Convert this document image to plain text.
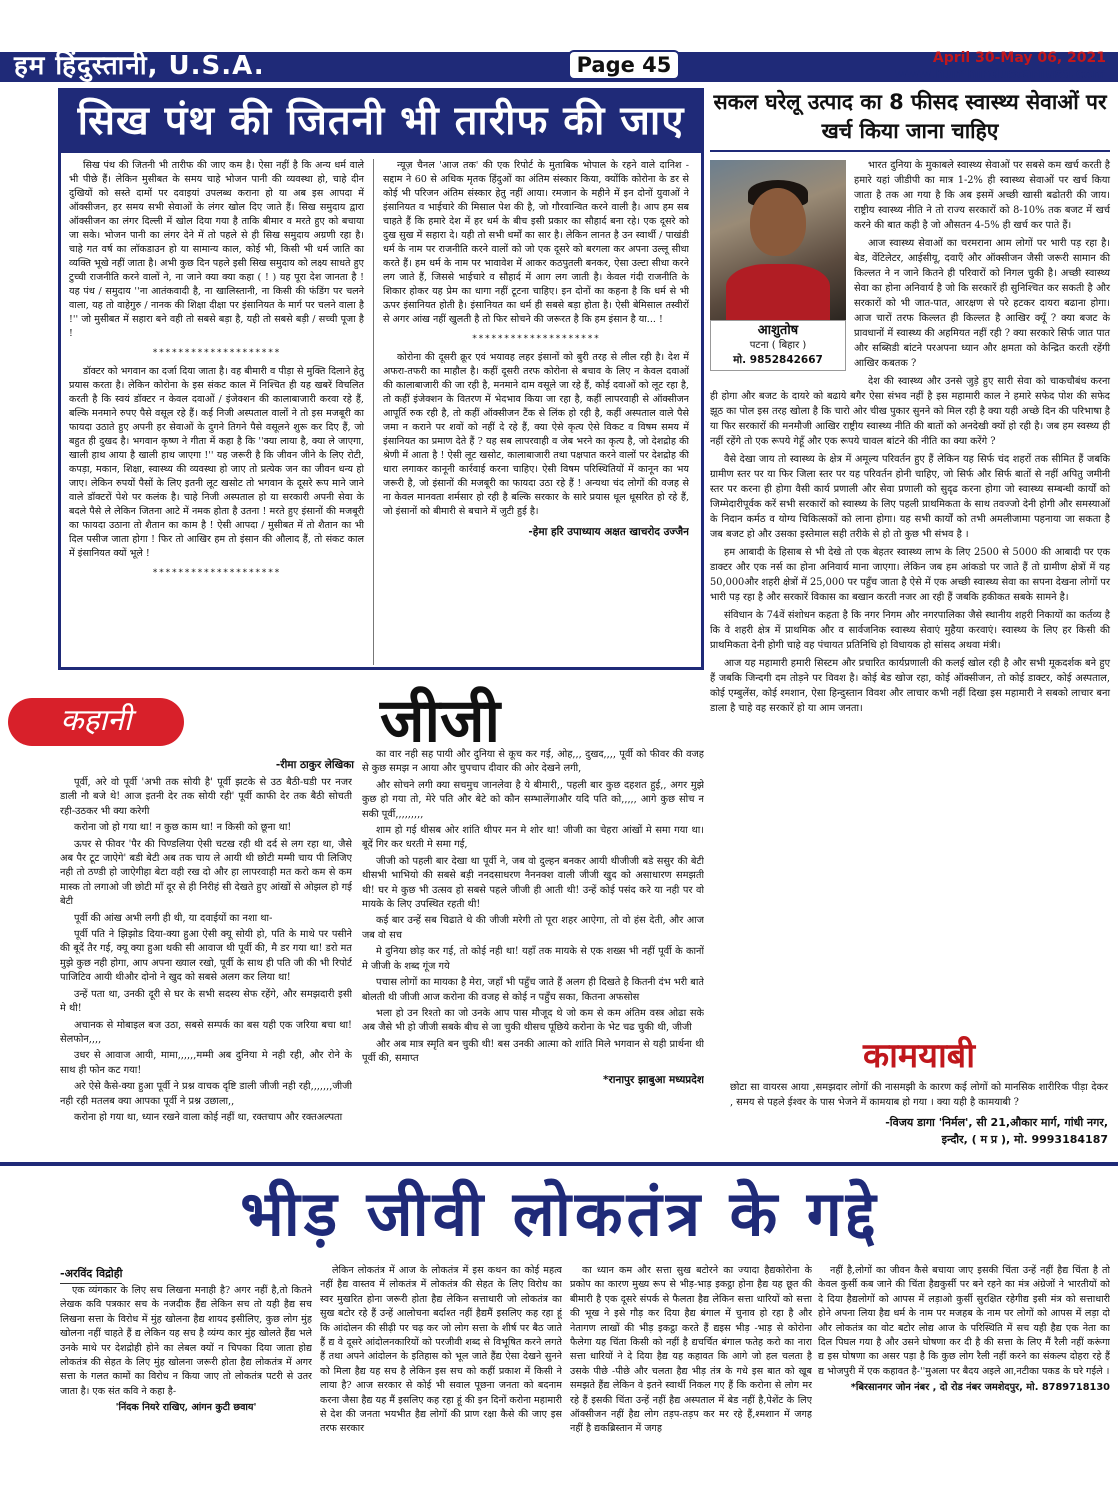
हम हिंदुस्तानी, U.S.A.	Page 45	April 30-May 06, 2021
www.humhindustaniusa.com
सिख पंथ की जितनी भी तारीफ की जाए कम है

सिख पंथ की जितनी भी तारीफ की जाए कम है। ऐसा नहीं है कि अन्य धर्म वाले भी पीछे हैं। लेकिन मुसीबत के समय चाहे भोजन पानी की व्यवस्था हो, चाहे दीन दुखियों को सस्ते दामों पर दवाइयां उपलब्ध कराना हो या अब इस आपदा में ऑक्सीजन, हर समय सभी सेवाओं के लंगर खोल दिए जाते हैं। सिख समुदाय द्वारा ऑक्सीजन का लंगर दिल्ली में खोल दिया गया है ताकि बीमार व मरते हुए को बचाया जा सके। भोजन पानी का लंगर देने में तो पहले से ही सिख समुदाय अग्रणी रहा है। चाहे गत वर्ष का लॉकडाउन हो या सामान्य काल, कोई भी, किसी भी धर्म जाति का व्यक्ति भूखे नहीं जाता है। अभी कुछ दिन पहले इसी सिख समुदाय को लक्ष्य साधते हुए टुच्ची राजनीति करने वालों ने, ना जाने क्या क्या कहा ( ! ) यह पूरा देश जानता है ! यह पंथ / समुदाय ''ना आतंकवादी है, ना खालिस्तानी, ना किसी की फंडिंग पर चलने वाला, यह तो वाहेगुरु / नानक की शिक्षा दीक्षा पर इंसानियत के मार्ग पर चलने वाला है !'' जो मुसीबत में सहारा बने वही तो सबसे बड़ा है, यही तो सबसे बड़ी / सच्ची पूजा है !

********************

डॉक्टर को भगवान का दर्जा दिया जाता है। वह बीमारी व पीड़ा से मुक्ति दिलाने हेतु प्रयास करता है। लेकिन कोरोना के इस संकट काल में निश्चित ही यह खबरें विचलित करती है कि स्वयं डॉक्टर न केवल दवाओं / इंजेक्शन की कालाबाजारी करवा रहे हैं, बल्कि मनमाने रुपए पैसे वसूल रहे हैं। कई निजी अस्पताल वालों ने तो इस मजबूरी का फायदा उठाते हुए अपनी हर सेवाओं के दुगने तिगने पैसे वसूलने शुरू कर दिए हैं, जो बहुत ही दुखद है। भगवान कृष्ण ने गीता में कहा है कि ''क्या लाया है, क्या ले जाएगा, खाली हाथ आया है खाली हाथ जाएगा !'' यह जरूरी है कि जीवन जीने के लिए रोटी, कपड़ा, मकान, शिक्षा, स्वास्थ्य की व्यवस्था हो जाए तो प्रत्येक जन का जीवन धन्य हो जाए। लेकिन रुपयों पैसों के लिए इतनी लूट खसोट तो भगवान के दूसरे रूप माने जाने वाले डॉक्टरों पेशे पर कलंक है। चाहे निजी अस्पताल हो या सरकारी अपनी सेवा के बदले पैसे ले लेकिन जितना आटे में नमक होता है उतना ! मरते हुए इंसानों की मजबूरी का फायदा उठाना तो शैतान का काम है ! ऐसी आपदा / मुसीबत में तो शैतान का भी दिल पसीज जाता होगा ! फिर तो आखिर हम तो इंसान की औलाद हैं, तो संकट काल में इंसानियत क्यों भूले !

********************

न्यूज़ चैनल 'आज तक' की एक रिपोर्ट के मुताबिक भोपाल के रहने वाले दानिश - सद्दाम ने 60 से अधिक मृतक हिंदुओं का अंतिम संस्कार किया, क्योंकि कोरोना के डर से कोई भी परिजन अंतिम संस्कार हेतु नहीं आया। रमजान के महीने में इन दोनों युवाओं ने इंसानियत व भाईचारे की मिसाल पेश की है, जो गौरवान्वित करने वाली है। आप हम सब चाहते हैं कि हमारे देश में हर धर्म के बीच इसी प्रकार का सौहार्द बना रहे। एक दूसरे को दुख सुख में सहारा दे। यही तो सभी धर्मों का सार है। लेकिन लानत है उन स्वार्थी / पाखंडी धर्म के नाम पर राजनीति करने वालों को जो एक दूसरे को बरगला कर अपना उल्लू सीधा करते हैं। हम धर्म के नाम पर भावावेश में आकर कठपुतली बनकर, ऐसा उल्टा सीधा करने लग जाते हैं, जिससे भाईचारे व सौहार्द में आग लग जाती है। केवल गंदी राजनीति के शिकार होकर यह प्रेम का धागा नहीं टूटना चाहिए। इन दोनों का कहना है कि धर्म से भी ऊपर इंसानियत होती है। इंसानियत का धर्म ही सबसे बड़ा होता है। ऐसी बेमिसाल तस्वीरों से अगर आंख नहीं खुलती है तो फिर सोचने की जरूरत है कि हम इंसान है या... !

********************

कोरोना की दूसरी क्रूर एवं भयावह लहर इंसानों को बुरी तरह से लील रही है। देश में अफरा-तफरी का माहौल है। कहीं दूसरी तरफ कोरोना से बचाव के लिए न केवल दवाओं की कालाबाजारी की जा रही है, मनमाने दाम वसूले जा रहे हैं, कोई दवाओं को लूट रहा है, तो कहीं इंजेक्शन के वितरण में भेदभाव किया जा रहा है, कहीं लापरवाही से ऑक्सीजन आपूर्ति रुक रही है, तो कहीं ऑक्सीजन टैंक से लिंक हो रही है, कहीं अस्पताल वाले पैसे जमा न कराने पर शवों को नहीं दे रहे हैं, क्या ऐसे कृत्य ऐसे विकट व विषम समय में इंसानियत का प्रमाण देते हैं ? यह सब लापरवाही व जेब भरने का कृत्य है, जो देशद्रोह की श्रेणी में आता है ! ऐसी लूट खसोट, कालाबाजारी तथा पक्षपात करने वालों पर देशद्रोह की धारा लगाकर कानूनी कार्रवाई करना चाहिए। ऐसी विषम परिस्थितियों में कानून का भय जरूरी है, जो इंसानों की मजबूरी का फायदा उठा रहे हैं ! अन्यथा चंद लोगों की वजह से ना केवल मानवता शर्मसार हो रही है बल्कि सरकार के सारे प्रयास धूल धूसरित हो रहे हैं, जो इंसानों को बीमारी से बचाने में जुटी हुई है।

-हेमा हरि उपाध्याय अक्षत खाचरोद उज्जैन

सकल घरेलू उत्पाद का 8 फीसद स्वास्थ्य सेवाओं पर खर्च किया जाना चाहिए
आशुतोष
पटना ( बिहार )
मो. 9852842667

भारत दुनिया के मुकाबले स्वास्थ्य सेवाओं पर सबसे कम खर्च करती है हमारे यहां जीडीपी का मात्र 1-2% ही स्वास्थ्य सेवाओं पर खर्च किया जाता है तक आ गया है कि अब इसमें अच्छी खासी बढोतरी की जाय। राष्ट्रीय स्वास्थ्य नीति ने तो राज्य सरकारों को 8-10% तक बजट में खर्च करने की बात कही है जो औसतन 4-5% ही खर्च कर पाते हैं।

आज स्वास्थ्य सेवाओं का चरमराना आम लोगों पर भारी पड़ रहा है। बेड, वेंटिलेटर, आईसीयू, दवाएँ और ऑक्सीजन जैसी जरूरी सामान की किल्लत ने न जाने कितने ही परिवारों को निगल चुकी है। अच्छी स्वास्थ्य सेवा का होना अनिवार्य है जो कि सरकारें ही सुनिश्चित कर सकती है और सरकारों को भी जात-पात, आरक्षण से परे हटकर दायरा बढाना होगा। आज चारों तरफ किल्लत ही किल्लत है आखिर क्यूँ ? क्या बजट के प्रावधानों में स्वास्थ्य की अहमियत नहीं रही ? क्या सरकारे सिर्फ जात पात और सब्सिडी बांटने परअपना ध्यान और क्षमता को केन्द्रित करती रहेंगी आखिर कबतक ?

देश की स्वास्थ्य और उनसे जुड़े हुए सारी सेवा को चाकचौबंध करना ही होगा और बजट के दायरे को बढाये बगैर ऐसा संभव नहीं है इस महामारी काल ने हमारे सफेद पोश की सफेद झूठ का पोल इस तरह खोला है कि चारो ओर चीख पुकार सुनने को मिल रही है क्या यही अच्छे दिन की परिभाषा है या फिर सरकारों की मनमौजी आखिर राष्ट्रीय स्वास्थ्य नीति की बातों को अनदेखी क्यों हो रही है। जब हम स्वस्थ्य ही नहीं रहेंगे तो एक रूपये गेहूँ और एक रूपये चावल बांटने की नीति का क्या करेंगे ?

वैसे देखा जाय तो स्वास्थ्य के क्षेत्र में अमूल्य परिवर्तन हुए हैं लेकिन यह सिर्फ चंद शहरों तक सीमित हैं जबकि ग्रामीण स्तर पर या फिर जिला स्तर पर यह परिवर्तन होनी चाहिए, जो सिर्फ और सिर्फ बातों से नहीं अपितु जमीनी स्तर पर करना ही होगा वैसी कार्य प्रणाली और सेवा प्रणाली को सुदृढ करना होगा जो स्वास्थ्य सम्बन्धी कार्यों को जिम्मेदारीपूर्वक करें सभी सरकारों को स्वास्थ्य के लिए पहली प्राथमिकता के साथ तवज्जो देनी होगी और समस्याओं के निदान कर्मठ व योग्य चिकित्सकों को लाना होगा। यह सभी कार्यों को तभी अमलीजामा पहनाया जा सकता है जब बजट हो और उसका इस्तेमाल सही तरीके से हो तो कुछ भी संभव है ।

हम आबादी के हिसाब से भी देखे तो एक बेहतर स्वास्थ्य लाभ के लिए 2500 से 5000 की आबादी पर एक डाक्टर और एक नर्स का होना अनिवार्य माना जाएगा। लेकिन जब हम आंकडो पर जाते हैं तो ग्रामीण क्षेत्रों में यह 50,000और शहरी क्षेत्रों में 25,000 पर पहुँच जाता है ऐसे में एक अच्छी स्वास्थ्य सेवा का सपना देखना लोगों पर भारी पड़ रहा है और सरकारें विकास का बखान करती नजर आ रही हैं जबकि हकीकत सबके सामने है।

संविधान के 74वें संशोधन कहता है कि नगर निगम और नगरपालिका जैसे स्थानीय शहरी निकायों का कर्तव्य है कि वे शहरी क्षेत्र में प्राथमिक और व सार्वजनिक स्वास्थ्य सेवाएं मुहैया करवाएं। स्वास्थ्य के लिए हर किसी की प्राथमिकता देनी होगी चाहे वह पंचायत प्रतिनिधि हो विधायक हो सांसद अथवा मंत्री।

आज यह महामारी हमारी सिस्टम और प्रचारित कार्यप्रणाली की कलई खोल रही है और सभी मूकदर्शक बने हुए हैं जबकि जिन्दगी दम तोड़ने पर विवश है। कोई बेड खोज रहा, कोई ऑक्सीजन, तो कोई डाक्टर, कोई अस्पताल, कोई एम्बुलेंस, कोई श्मशान, ऐसा हिन्दुस्तान विवश और लाचार कभी नहीं दिखा इस महामारी ने सबको लाचार बना डाला है चाहे वह सरकारें हो या आम जनता।

कामयाबी
छोटा सा वायरस आया ,समझदार लोगों की नासमझी के कारण कई लोगों को मानसिक शारीरिक पीड़ा देकर , समय से पहले ईश्वर के पास भेजने में कामयाब हो गया । क्या यही है कामयाबी ?
-विजय डागा 'निर्मल', सी 21,औकार मार्ग, गांधी नगर,
इन्दौर, ( म प्र ), मो. 9993184187
कहानी	जीजी
-रीमा ठाकुर लेखिका

पूर्वी, अरे वो पूर्वी 'अभी तक सोयी है' पूर्वी झटके से उठ बैठी-घडी पर नजर डाली नौ बजे थे! आज इतनी देर तक सोयी रही' पूर्वी काफी देर तक बैठी सोचती रही-उठकर भी क्या करेगी

करोना जो हो गया था! न कुछ काम था! न किसी को छूना था!

ऊपर से फीवर 'पैर की पिण्डलिया ऐसी चटख रही थी दर्द से लग रहा था, जैसे अब पैर टूट जाऐगे' बडी बेटी अब तक चाय ले आयी थी छोटी मम्मी चाय पी लिजिए नही तो ठण्डी हो जाऐगीहा बेटा वही रख दो और हा लापरवाही मत करो कम से कम मास्क तो लगाओ जी छोटी माँ दूर से ही निरीहं सी देखते हुए आंखों से ओझल हो गई बेटी

पूर्वी की आंख अभी लगी ही थी, या दवाईयों का नशा था-

पूर्वी पति ने झिझोड दिया-क्या हुआ ऐसी क्यू सोयी हो, पति के माथे पर पसीने की बूदें तैर गई, क्यू क्या हुआ थकी सी आवाज थी पूर्वी की, मै डर गया था! डरो मत मुझे कुछ नही होगा, आप अपना ख्याल रखो, पूर्वी के साथ ही पति जी की भी रिपोर्ट पाजिटिव आयी थीऔर दोनो ने खुद को सबसे अलग कर लिया था!

उन्हें पता था, उनकी दूरी से घर के सभी सदस्य सेफ रहेंगे, और समझदारी इसी मे थी!

अचानक से मोबाइल बज उठा, सबसे सम्पर्क का बस यही एक जरिया बचा था! सेलफोन,,,,

उधर से आवाज आयी, मामा,,,,,,मम्मी अब दुनिया मे नही रही, और रोने के साथ ही फोन कट गया!

अरे ऐसे कैसे-क्या हुआ पूर्वी ने प्रश्न वाचक दृष्टि डाली जीजी नही रही,,,,,,,जीजी नही रही मतलब क्या आपका पूर्वी ने प्रश्न उछाला,,

करोना हो गया था, ध्यान रखने वाला कोई नहीं था, रक्तचाप और रक्तअल्पता

का वार नही सह पायी और दुनिया से कूच कर गई, ओह,,, दुखद,,,, पूर्वी को फीवर की वजह से कुछ समझ न आया और चुपचाप दीवार की ओर देखने लगी,

और सोचने लगी क्या सचमुच जानलेवा है ये बीमारी,, पहली बार कुछ दहशत हुई,, अगर मुझे कुछ हो गया तो, मेरे पति और बेटे को कौन सम्भालेंगाऔर यदि पति को,,,,, आगे कुछ सोच न सकी पूर्वी,,,,,,,,,

शाम हो गई थीसब ओर शांति थीपर मन मे शोर था! जीजी का चेहरा आंखों मे समा गया था। बूदें गिर कर धरती मे समा गई,

जीजी को पहली बार देखा था पूर्वी ने, जब वो दुल्हन बनकर आयी थीजीजी बडे ससुर की बेटी थीसभी भाभियो की सबसे बड़ी ननदसाधरण नैननक्श वाली जीजी खुद को असाधारण समझती थी! घर मे कुछ भी उत्सव हो सबसे पहले जीजी ही आती थी! उन्हें कोई पसंद करे या नही पर वो मायके के लिए उपस्थित रहती थी!

कई बार उन्हें सब चिढाते थे की जीजी मरेगी तो पूरा शहर आऐगा, तो वो हंस देती, और आज जब वो सच

मे दुनिया छोड़ कर गई, तो कोई नही था! यहाँ तक मायके से एक शख्स भी नहीं पूर्वी के कानों मे जीजी के शब्द गूंज गये

पचास लोगों का मायका है मेरा, जहाँ भी पहुँच जाते हैं अलग ही दिखते है कितनी दंभ भरी बाते बोलती थी जीजी आज करोना की वजह से कोई न पहुँच सका, कितना अफसोस

भला हो उन रिश्तो का जो उनके आप पास मौजूद थे जो कम से कम अंतिम वस्त्र ओढा सके अब जैसे भी हो जीजी सबके बीच से जा चुकी थीसच पूछिये करोना के भेट चढ चुकी थी, जीजी

और अब मात्र स्मृति बन चुकी थी! बस उनकी आत्मा को शांति मिले भगवान से यही प्रार्थना थी पूर्वी की, समाप्त

*रानापुर झाबुआ मध्यप्रदेश

भीड़ जीवी लोकतंत्र के गद्दे
-अरविंद विद्रोही

एक व्यंगकार के लिए सच लिखना मनाही है? अगर नहीं है,तो कितने लेखक कवि पत्रकार सच के नजदीक हैंद्य लेकिन सच तो यही हैद्य सच लिखना सत्ता के विरोध में मुंह खोलना हैद्य शायद इसीलिए, कुछ लोग मुंह खोलना नहीं चाहते हैं द्य लेकिन यह सच है व्यंग्य कार मुंह खोलते हैंद्य भले उनके माथे पर देशद्रोही होने का लेबल क्यों न चिपका दिया जाता होद्य लोकतंत्र की सेहत के लिए मुंह खोलना जरूरी होता हैद्य लोकतंत्र में अगर सत्ता के गलत कामों का विरोध न किया जाए तो लोकतंत्र पटरी से उतर जाता है। एक संत कवि ने कहा है-

'निंदक नियरे राखिए, आंगन कुटी छवाय'

लेकिन लोकतंत्र में आज के लोकतंत्र में इस कथन का कोई महत्व नहीं हैद्य वास्तव में लोकतंत्र में लोकतंत्र की सेहत के लिए विरोध का स्वर मुखरित होना जरूरी होता हैद्य लेकिन सत्ताधारी जो लोकतंत्र का सुख बटोर रहे हैं उन्हें आलोचना बर्दाश्त नहीं हैद्यमैं इसलिए कह रहा हूं कि आंदोलन की सीढ़ी पर चढ़ कर जो लोग सत्ता के शीर्ष पर बैठ जाते हैं द्य वे दूसरे आंदोलनकारियों को परजीवी शब्द से विभूषित करने लगते हैं तथा अपने आंदोलन के इतिहास को भूल जाते हैंद्य ऐसा देखने सुनने को मिला हैद्य यह सच है लेकिन इस सच को कहीं प्रकाश में किसी ने लाया है? आज सरकार से कोई भी सवाल पूछना जनता को बदनाम करना जैसा हैद्य यह मैं इसलिए कह रहा हूं की इन दिनों करोना महामारी से देश की जनता भयभीत हैद्य लोगों की प्राण रक्षा कैसे की जाए इस तरफ सरकार

का ध्यान कम और सत्ता सुख बटोरने का ज्यादा हैद्यकोरोना के प्रकोप का कारण मुख्य रूप से भीड़-भाड़ इकट्ठा होना हैद्य यह छूत की बीमारी है एक दूसरे संपर्क से फैलता हैद्य लेकिन सत्ता धारियों को सत्ता की भूख ने इसे गौड़ कर दिया हैद्य बंगाल में चुनाव हो रहा है और नेतागण लाखों की भीड़ इकट्ठा करते हैं द्यइस भीड़ -भाड़ से कोरोना फैलेगा यह चिंता किसी को नहीं है द्यचर्चित बंगाल फतेह करो का नारा सत्ता धारियों ने दे दिया हैद्य यह कहावत कि आगे जो हल चलता है उसके पीछे -पीछे और चलता हैद्य भीड़ तंत्र के गधे इस बात को खूब समझते हैंद्य लेकिन वे इतने स्वार्थी निकल गए हैं कि करोना से लोग मर रहे हैं इसकी चिंता उन्हें नहीं हैद्य अस्पताल में बेड नहीं है,पेशेंट के लिए ऑक्सीजन नहीं हैद्य लोग तड़प-तड़प कर मर रहे हैं,श्मशान में जगह नहीं है द्यकब्रिस्तान में जगह

नहीं है,लोगों का जीवन कैसे बचाया जाए इसकी चिंता उन्हें नहीं हैद्य चिंता है तो केवल कुर्सी कब जाने की चिंता हैद्यकुर्सी पर बने रहने का मंत्र अंग्रेजों ने भारतीयों को दे दिया हैद्यलोगों को आपस में लड़ाओ कुर्सी सुरक्षित रहेगीद्य इसी मंत्र को सत्ताधारी होने अपना लिया हैद्य धर्म के नाम पर मजहब के नाम पर लोगों को आपस में लड़ा दो और लोकतंत्र का वोट बटोर लोद्य आज के परिस्थिति में सच यही हैद्य एक नेता का दिल पिघल गया है और उसने घोषणा कर दी है की सत्ता के लिए मैं रैली नहीं करूंगा द्य इस घोषणा का असर पड़ा है कि कुछ लोग रैली नहीं करने का संकल्प दोहरा रहे हैं द्य भोजपुरी में एक कहावत है-''मुअला पर बैदय अइले आ,नटीका पकड के घरे गईले ।

*बिरसानगर जोन नंबर , दो रोड नंबर जमशेदपुर, मो. 8789718130
